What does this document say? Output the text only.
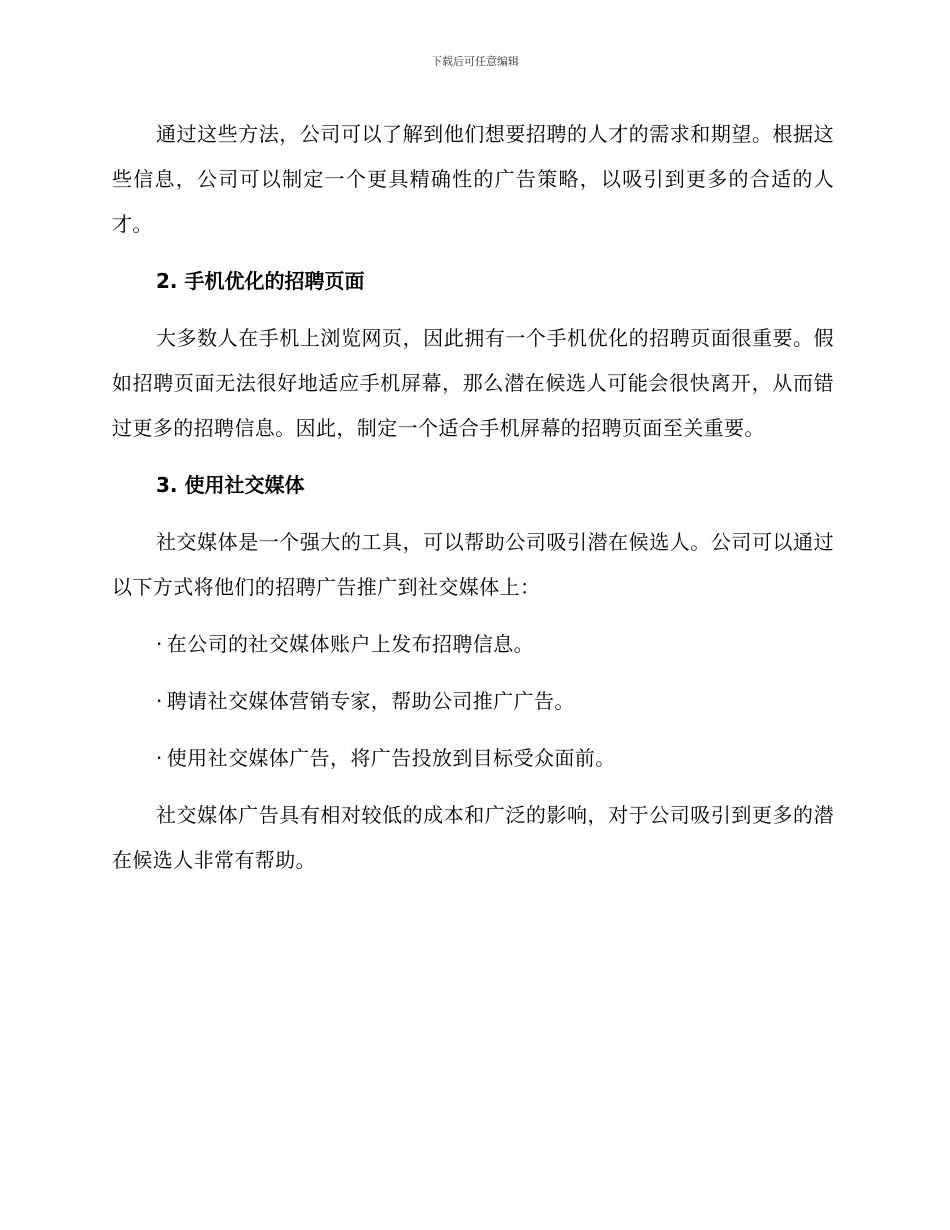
下载后可任意编辑

通过这些方法，公司可以了解到他们想要招聘的人才的需求和期望。根据这些信息，公司可以制定一个更具精确性的广告策略，以吸引到更多的合适的人才。

2. 手机优化的招聘页面

大多数人在手机上浏览网页，因此拥有一个手机优化的招聘页面很重要。假如招聘页面无法很好地适应手机屏幕，那么潜在候选人可能会很快离开，从而错过更多的招聘信息。因此，制定一个适合手机屏幕的招聘页面至关重要。

3. 使用社交媒体

社交媒体是一个强大的工具，可以帮助公司吸引潜在候选人。公司可以通过以下方式将他们的招聘广告推广到社交媒体上：

· 在公司的社交媒体账户上发布招聘信息。
· 聘请社交媒体营销专家，帮助公司推广广告。
· 使用社交媒体广告，将广告投放到目标受众面前。

社交媒体广告具有相对较低的成本和广泛的影响，对于公司吸引到更多的潜在候选人非常有帮助。
